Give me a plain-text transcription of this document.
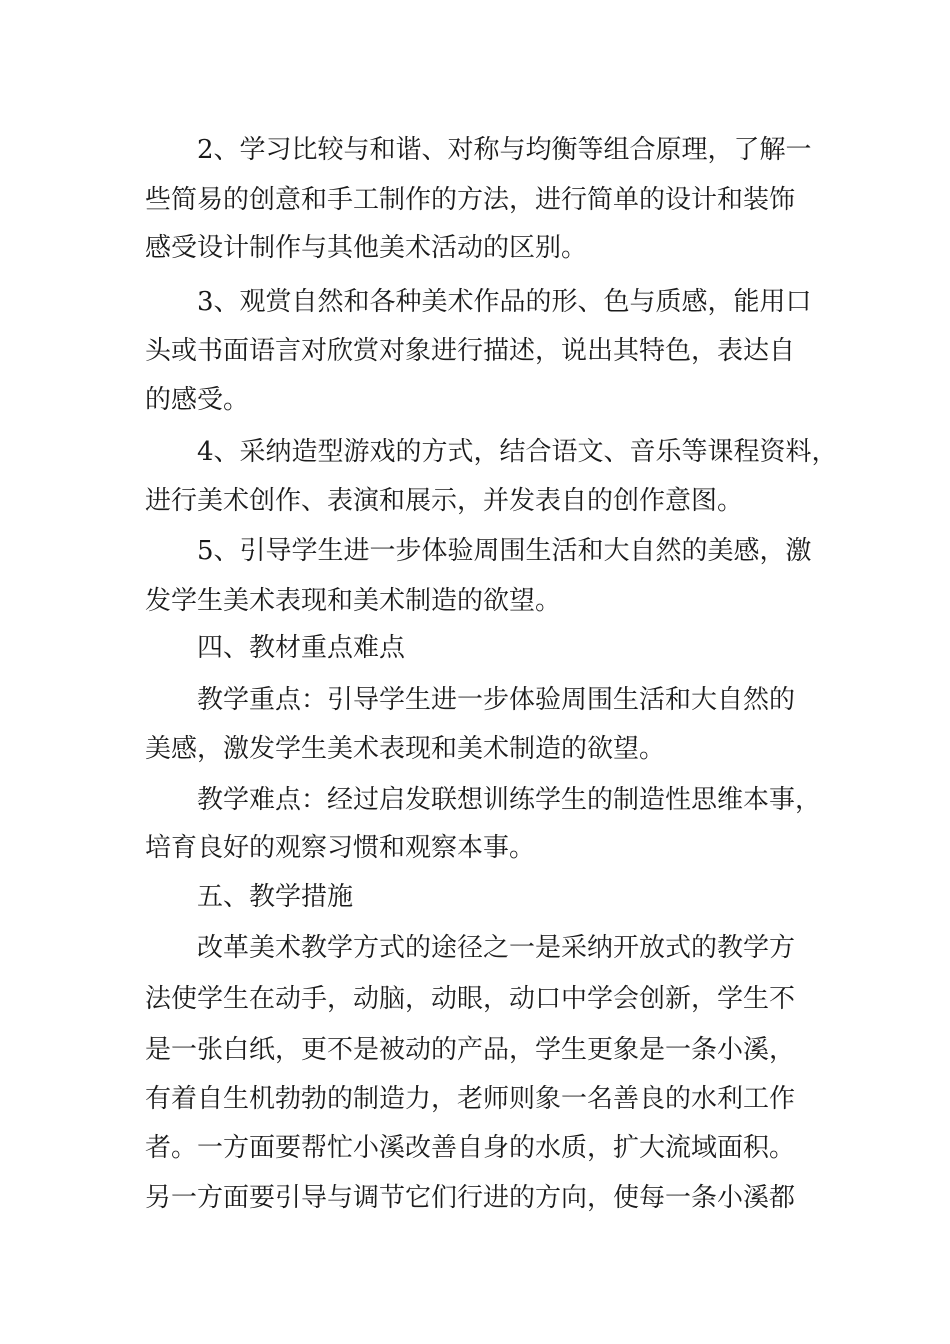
　　2、学习比较与和谐、对称与均衡等组合原理，了解一
些简易的创意和手工制作的方法，进行简单的设计和装饰
感受设计制作与其他美术活动的区别。
　　3、观赏自然和各种美术作品的形、色与质感，能用口
头或书面语言对欣赏对象进行描述，说出其特色，表达自
的感受。
　　4、采纳造型游戏的方式，结合语文、音乐等课程资料，
进行美术创作、表演和展示，并发表自的创作意图。
　　5、引导学生进一步体验周围生活和大自然的美感，激
发学生美术表现和美术制造的欲望。
　　四、教材重点难点
　　教学重点：引导学生进一步体验周围生活和大自然的
美感，激发学生美术表现和美术制造的欲望。
　　教学难点：经过启发联想训练学生的制造性思维本事，
培育良好的观察习惯和观察本事。
　　五、教学措施
　　改革美术教学方式的途径之一是采纳开放式的教学方
法使学生在动手，动脑，动眼，动口中学会创新，学生不
是一张白纸，更不是被动的产品，学生更象是一条小溪，
有着自生机勃勃的制造力，老师则象一名善良的水利工作
者。一方面要帮忙小溪改善自身的水质，扩大流域面积。
另一方面要引导与调节它们行进的方向，使每一条小溪都
